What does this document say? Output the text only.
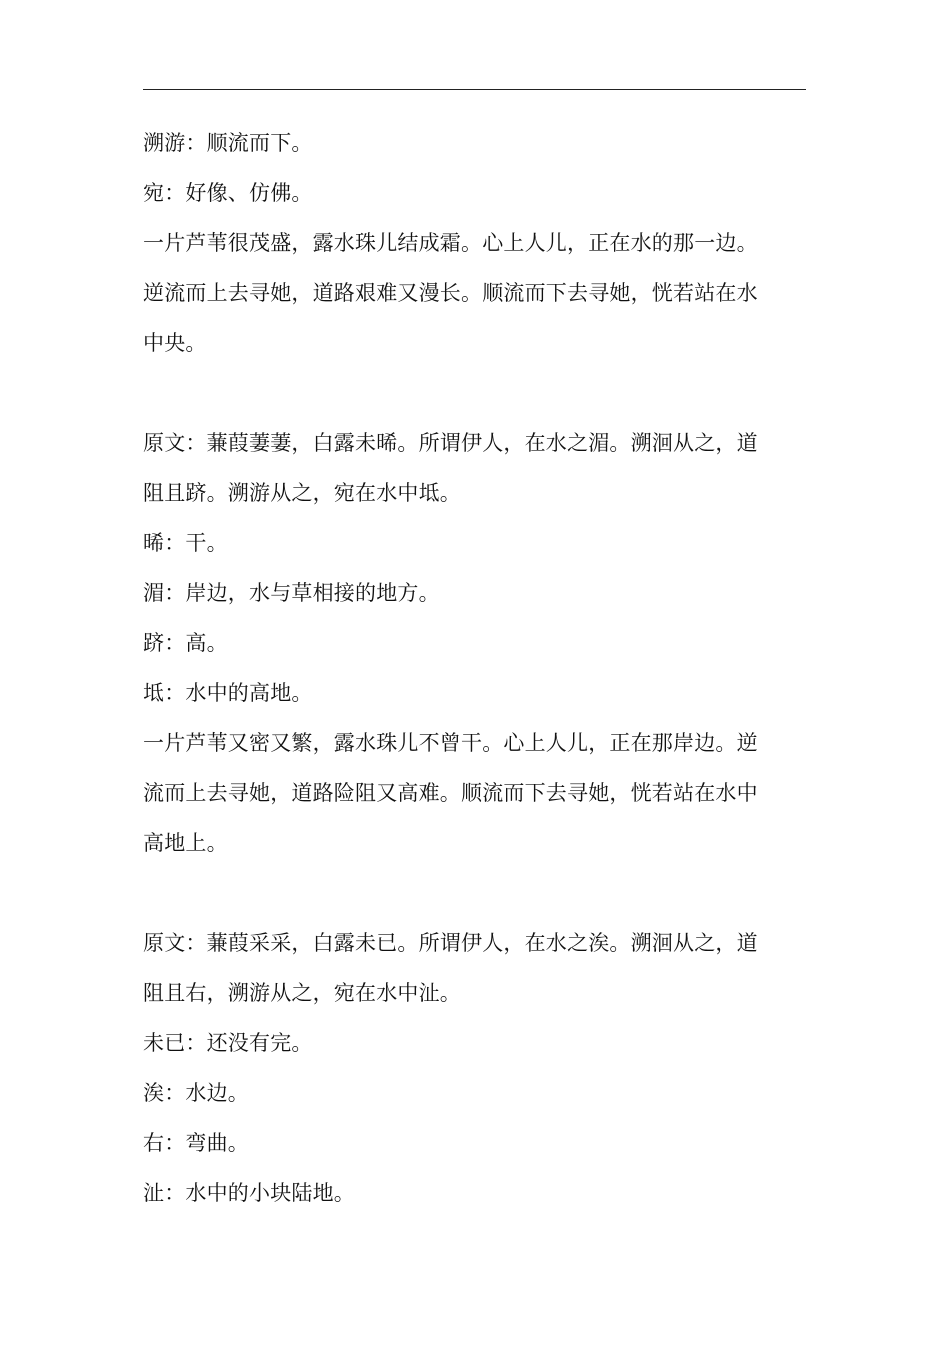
溯游：顺流而下。
宛：好像、仿佛。
一片芦苇很茂盛，露水珠儿结成霜。心上人儿，正在水的那一边。
逆流而上去寻她，道路艰难又漫长。顺流而下去寻她，恍若站在水
中央。
原文：蒹葭萋萋，白露未晞。所谓伊人，在水之湄。溯洄从之，道
阻且跻。溯游从之，宛在水中坻。
晞：干。
湄：岸边，水与草相接的地方。
跻：高。
坻：水中的高地。
一片芦苇又密又繁，露水珠儿不曾干。心上人儿，正在那岸边。逆
流而上去寻她，道路险阻又高难。顺流而下去寻她，恍若站在水中
高地上。
原文：蒹葭采采，白露未已。所谓伊人，在水之涘。溯洄从之，道
阻且右，溯游从之，宛在水中沚。
未已：还没有完。
涘：水边。
右：弯曲。
沚：水中的小块陆地。
